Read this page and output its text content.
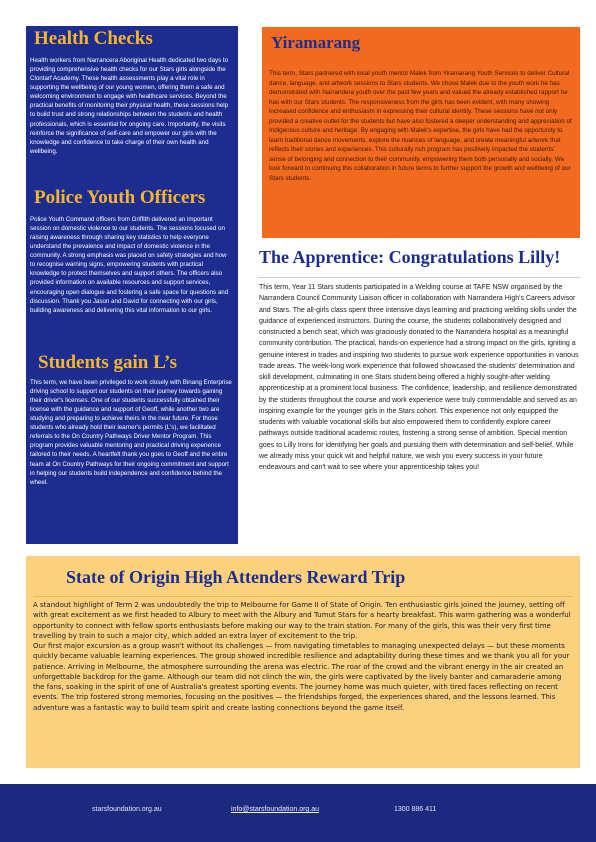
Health Checks

Health workers from Narrancera Aboriginal Health dedicated two days to providing comprehensive health checks for our Stars girls alongside the Clontarf Academy. These health assessments play a vital role in supporting the wellbeing of our young women, offering them a safe and welcoming environment to engage with healthcare services. Beyond the practical benefits of monitoring their physical health, these sessions help to build trust and strong relationships between the students and health professionals, which is essential for ongoing care. Importantly, the visits reinforce the significance of self-care and empower our girls with the knowledge and confidence to take charge of their own health and wellbeing.

Police Youth Officers

Police Youth Command officers from Griffith delivered an important session on domestic violence to our students. The sessions focused on raising awareness through sharing key statistics to help everyone understand the prevalence and impact of domestic violence in the community. A strong emphasis was placed on safety strategies and how to recognise warning signs, empowering students with practical knowledge to protect themselves and support others. The officers also provided information on available resources and support services, encouraging open dialogue and fostering a safe space for questions and discussion. Thank you Jason and David for connecting with our girls, building awareness and delivering this vital information to our girls.

Students gain L’s

This term, we have been privileged to work closely with Binang Enterprise driving school to support our students on their journey towards gaining their driver's licenses. One of our students successfully obtained their license with the guidance and support of Geoff, while another two are studying and preparing to achieve theirs in the near future. For those students who already hold their learner's permits (L's), we facilitated referrals to the On Country Pathways Driver Mentor Program. This program provides valuable mentoring and practical driving experience tailored to their needs. A heartfelt thank you goes to Geoff and the entire team at On Country Pathways for their ongoing commitment and support in helping our students build independence and confidence behind the wheel.

Yiramarang

This term, Stars partnered with local youth mentor Malek from Yiramarang Youth Services to deliver Cultural dance, language, and artwork sessions to Stars students. We chose Malek due to the youth work he has demonstrated with Narrandera youth over the past few years and valued the already established rapport he has with our Stars students. The responsiveness from the girls has been evident, with many showing increased confidence and enthusiasm in expressing their cultural identity. These sessions have not only provided a creative outlet for the students but have also fostered a deeper understanding and appreciation of Indigenous culture and heritage. By engaging with Malek's expertise, the girls have had the opportunity to learn traditional dance movements, explore the nuances of language, and create meaningful artwork that reflects their stories and experiences. This culturally rich program has positively impacted the students' sense of belonging and connection to their community, empowering them both personally and socially. We look forward to continuing this collaboration in future terms to further support the growth and wellbeing of our Stars students.

The Apprentice: Congratulations Lilly!

This term, Year 11 Stars students participated in a Welding course at TAFE NSW organised by the Narrandera Council Community Liaison officer in collaboration with Narrandera High's Careers advisor and Stars. The all-girls class spent three intensive days learning and practicing welding skills under the guidance of experienced instructors. During the course, the students collaboratively designed and constructed a bench seat, which was graciously donated to the Narrandera hospital as a meaningful community contribution. The practical, hands-on experience had a strong impact on the girls, igniting a genuine interest in trades and inspiring two students to pursue work experience opportunities in various trade areas. The week-long work experience that followed showcased the students' determination and skill development, culminating in one Stars student being offered a highly sought-after welding apprenticeship at a prominent local business. The confidence, leadership, and resilience demonstrated by the students throughout the course and work experience were truly commendable and served as an inspiring example for the younger girls in the Stars cohort. This experience not only equipped the students with valuable vocational skills but also empowered them to confidently explore career pathways outside traditional academic routes, fostering a strong sense of ambition. Special mention goes to Lilly Irons for identifying her goals and pursuing them with determination and self-belief. While we already miss your quick wit and helpful nature, we wish you every success in your future endeavours and can't wait to see where your apprenticeship takes you!

State of Origin High Attenders Reward Trip

A standout highlight of Term 2 was undoubtedly the trip to Melbourne for Game II of State of Origin. Ten enthusiastic girls joined the journey, setting off with great excitement as we first headed to Albury to meet with the Albury and Tumut Stars for a hearty breakfast. This warm gathering was a wonderful opportunity to connect with fellow sports enthusiasts before making our way to the train station. For many of the girls, this was their very first time travelling by train to such a major city, which added an extra layer of excitement to the trip.

Our first major excursion as a group wasn't without its challenges — from navigating timetables to managing unexpected delays — but these moments quickly became valuable learning experiences. The group showed incredible resilience and adaptability during these times and we thank you all for your patience. Arriving in Melbourne, the atmosphere surrounding the arena was electric. The roar of the crowd and the vibrant energy in the air created an unforgettable backdrop for the game. Although our team did not clinch the win, the girls were captivated by the lively banter and camaraderie among the fans, soaking in the spirit of one of Australia's greatest sporting events. The journey home was much quieter, with tired faces reflecting on recent events. The trip fostered strong memories, focusing on the positives — the friendships forged, the experiences shared, and the lessons learned. This adventure was a fantastic way to build team spirit and create lasting connections beyond the game itself.

starsfoundation.org.au	info@starsfoundation.org.au	1300 886 411
